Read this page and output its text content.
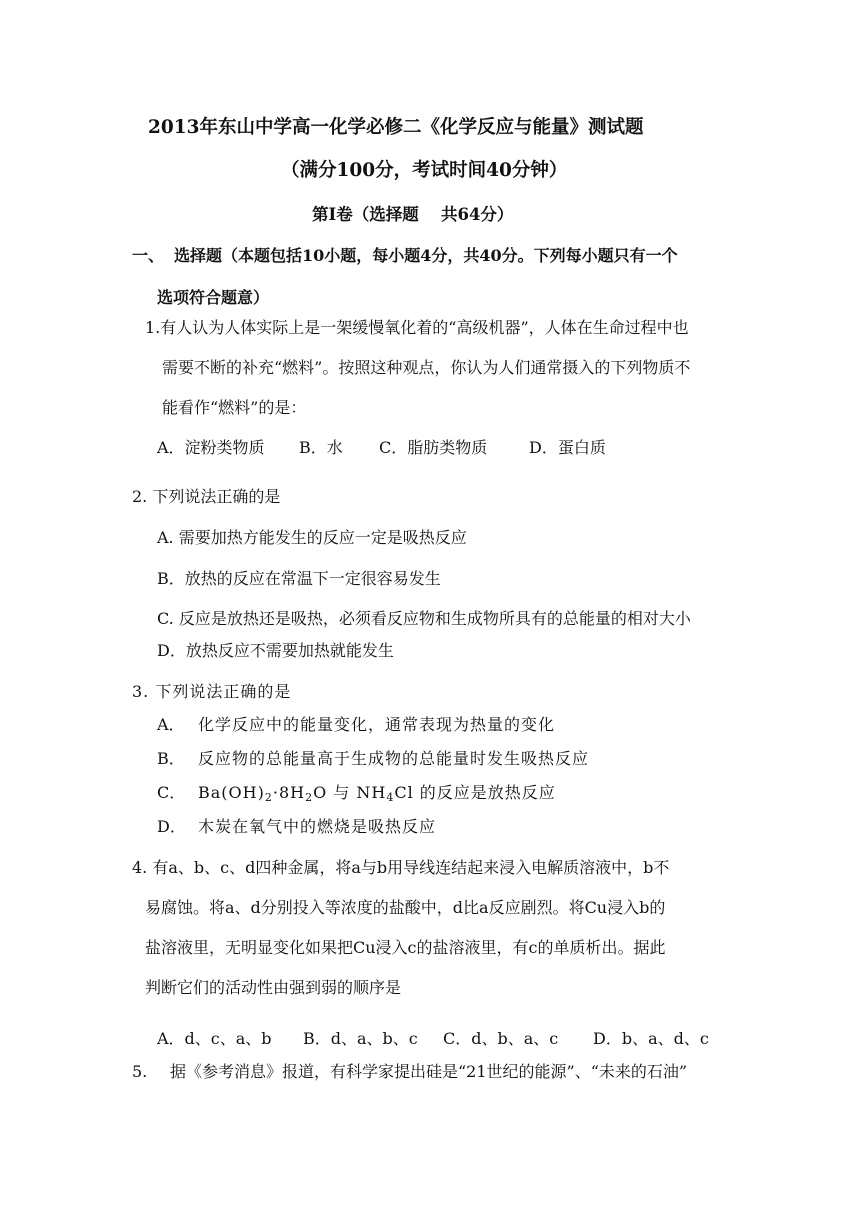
2013年东山中学高一化学必修二《化学反应与能量》测试题
（满分100分，考试时间40分钟）
第Ⅰ卷（选择题　 共64分）
一、 选择题（本题包括10小题，每小题4分，共40分。下列每小题只有一个
选项符合题意）
1.有人认为人体实际上是一架缓慢氧化着的“高级机器”，人体在生命过程中也
需要不断的补充“燃料”。按照这种观点，你认为人们通常摄入的下列物质不
能看作“燃料”的是：
A．淀粉类物质 B．水 C．脂肪类物质	D．蛋白质
2. 下列说法正确的是
A. 需要加热方能发生的反应一定是吸热反应
B．放热的反应在常温下一定很容易发生
C. 反应是放热还是吸热，必须看反应物和生成物所具有的总能量的相对大小
D．放热反应不需要加热就能发生
3. 下列说法正确的是
A． 化学反应中的能量变化，通常表现为热量的变化
B． 反应物的总能量高于生成物的总能量时发生吸热反应
C． $Ba(OH)_2\cdot 8H_2O$ 与 $NH_4Cl$ 的反应是放热反应
D． 木炭在氧气中的燃烧是吸热反应
4. 有a、b、c、d四种金属，将a与b用导线连结起来浸入电解质溶液中，b不
易腐蚀。将a、d分别投入等浓度的盐酸中，d比a反应剧烈。将Cu浸入b的
盐溶液里，无明显变化如果把Cu浸入c的盐溶液里，有c的单质析出。据此
判断它们的活动性由强到弱的顺序是
A．d、c、a、b B．d、a、b、c C．d、b、a、c D．b、a、d、c
5. 据《参考消息》报道，有科学家提出硅是“21世纪的能源”、“未来的石油”
